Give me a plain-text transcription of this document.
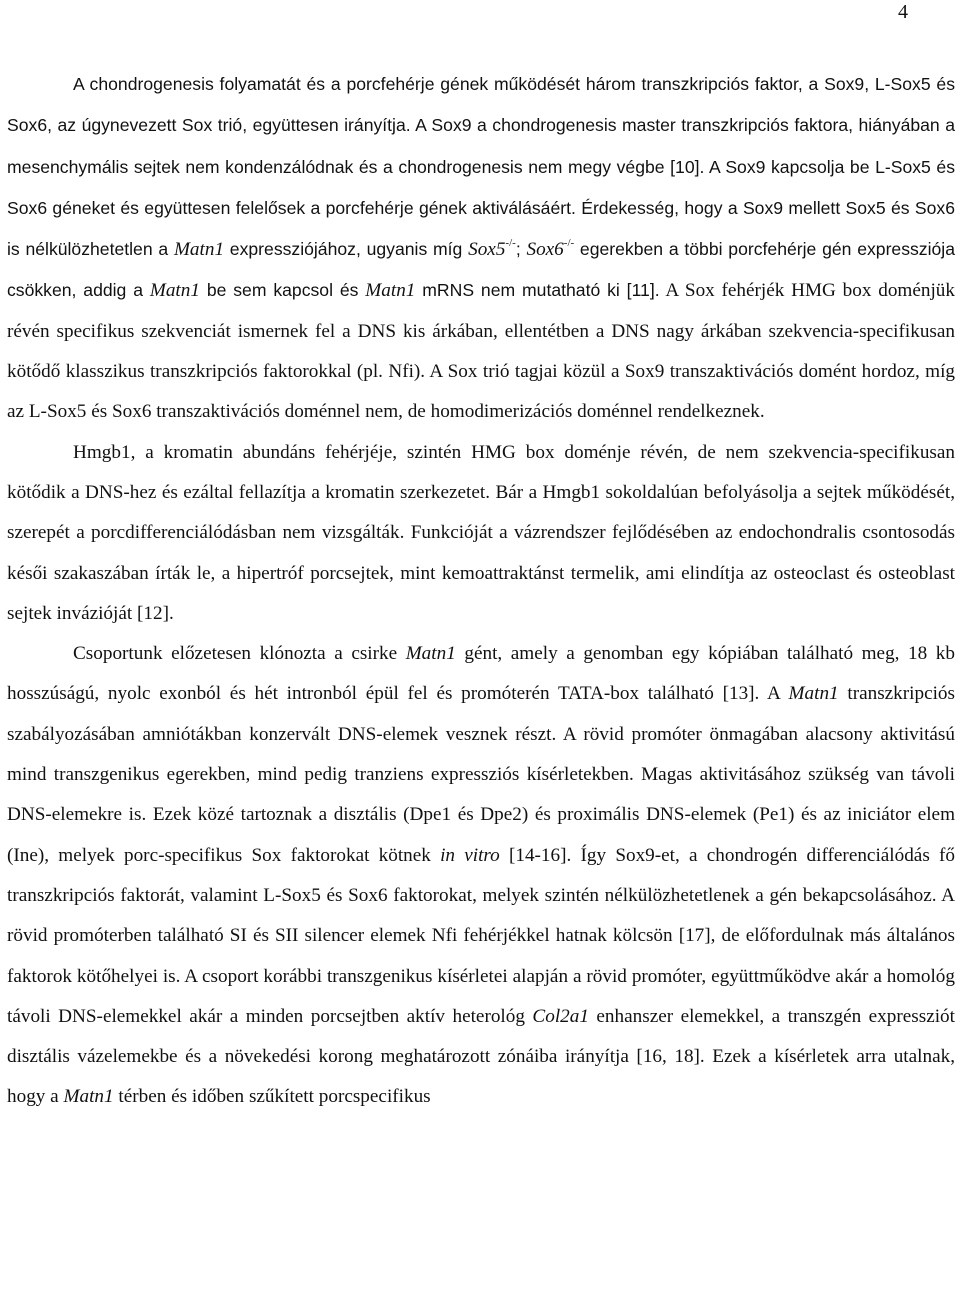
4

A chondrogenesis folyamatát és a porcfehérje gének működését három transzkripciós faktor, a Sox9, L-Sox5 és Sox6, az úgynevezett Sox trió, együttesen irányítja. A Sox9 a chondrogenesis master transzkripciós faktora, hiányában a mesenchymális sejtek nem kondenzálódnak és a chondrogenesis nem megy végbe [10]. A Sox9 kapcsolja be L-Sox5 és Sox6 géneket és együttesen felelősek a porcfehérje gének aktiválásáért. Érdekesség, hogy a Sox9 mellett Sox5 és Sox6 is nélkülözhetetlen a Matn1 expressziójához, ugyanis míg Sox5-/-; Sox6-/- egerekben a többi porcfehérje gén expressziója csökken, addig a Matn1 be sem kapcsol és Matn1 mRNS nem mutatható ki [11]. A Sox fehérjék HMG box doménjük révén specifikus szekvenciát ismernek fel a DNS kis árkában, ellentétben a DNS nagy árkában szekvencia-specifikusan kötődő klasszikus transzkripciós faktorokkal (pl. Nfi). A Sox trió tagjai közül a Sox9 transzaktivációs domént hordoz, míg az L-Sox5 és Sox6 transzaktivációs doménnel nem, de homodimerizációs doménnel rendelkeznek.

Hmgb1, a kromatin abundáns fehérjéje, szintén HMG box doménje révén, de nem szekvencia-specifikusan kötődik a DNS-hez és ezáltal fellazítja a kromatin szerkezetet. Bár a Hmgb1 sokoldalúan befolyásolja a sejtek működését, szerepét a porcdifferenciálódásban nem vizsgálták. Funkcióját a vázrendszer fejlődésében az endochondralis csontosodás késői szakaszában írták le, a hipertróf porcsejtek, mint kemoattraktánst termelik, ami elindítja az osteoclast és osteoblast sejtek invázióját [12].

Csoportunk előzetesen klónozta a csirke Matn1 gént, amely a genomban egy kópiában található meg, 18 kb hosszúságú, nyolc exonból és hét intronból épül fel és promóterén TATA-box található [13]. A Matn1 transzkripciós szabályozásában amniótákban konzervált DNS-elemek vesznek részt. A rövid promóter önmagában alacsony aktivitású mind transzgenikus egerekben, mind pedig tranziens expressziós kísérletekben. Magas aktivitásához szükség van távoli DNS-elemekre is. Ezek közé tartoznak a disztális (Dpe1 és Dpe2) és proximális DNS-elemek (Pe1) és az iniciátor elem (Ine), melyek porc-specifikus Sox faktorokat kötnek in vitro [14-16]. Így Sox9-et, a chondrogén differenciálódás fő transzkripciós faktorát, valamint L-Sox5 és Sox6 faktorokat, melyek szintén nélkülözhetetlenek a gén bekapcsolásához. A rövid promóterben található SI és SII silencer elemek Nfi fehérjékkel hatnak kölcsön [17], de előfordulnak más általános faktorok kötőhelyei is. A csoport korábbi transzgenikus kísérletei alapján a rövid promóter, együttműködve akár a homológ távoli DNS-elemekkel akár a minden porcsejtben aktív heterológ Col2a1 enhanszer elemekkel, a transzgén expressziót disztális vázelemekbe és a növekedési korong meghatározott zónáiba irányítja [16, 18]. Ezek a kísérletek arra utalnak, hogy a Matn1 térben és időben szűkített porcspecifikus
